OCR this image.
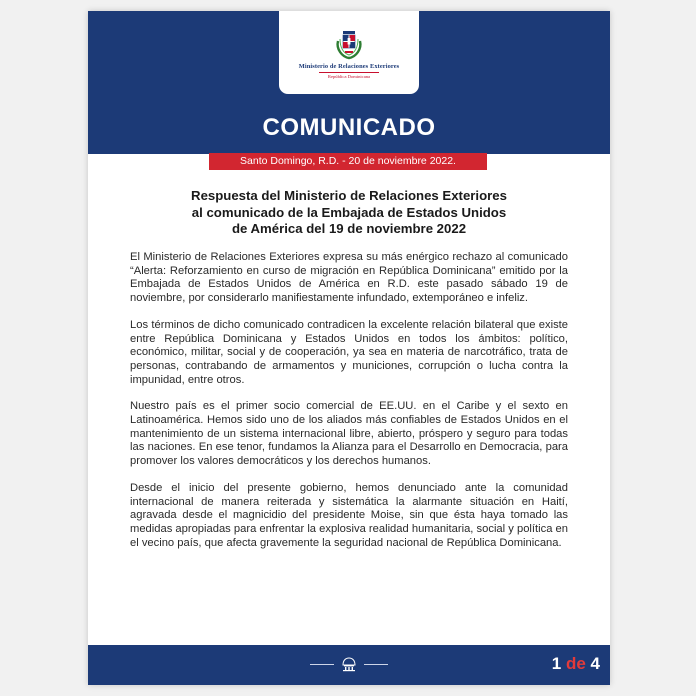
Ministerio de Relaciones Exteriores
República Dominicana
COMUNICADO
Santo Domingo, R.D. - 20 de noviembre 2022.
Respuesta del Ministerio de Relaciones Exteriores
al comunicado de la Embajada de Estados Unidos
de América del 19 de noviembre 2022

El Ministerio de Relaciones Exteriores expresa su más enérgico rechazo al comunicado “Alerta: Reforzamiento en curso de migración en República Dominicana” emitido por la Embajada de Estados Unidos de América en R.D. este pasado sábado 19 de noviembre, por considerarlo manifiestamente infundado, extemporáneo e infeliz.

Los términos de dicho comunicado contradicen la excelente relación bilateral que existe entre República Dominicana y Estados Unidos en todos los ámbitos: político, económico, militar, social y de cooperación, ya sea en materia de narcotráfico, trata de personas, contrabando de armamentos y municiones, corrupción o lucha contra la impunidad, entre otros.

Nuestro país es el primer socio comercial de EE.UU. en el Caribe y el sexto en Latinoamérica. Hemos sido uno de los aliados más confiables de Estados Unidos en el mantenimiento de un sistema internacional libre, abierto, próspero y seguro para todas las naciones. En ese tenor, fundamos la Alianza para el Desarrollo en Democracia, para promover los valores democráticos y los derechos humanos.

Desde el inicio del presente gobierno, hemos denunciado ante la comunidad internacional de manera reiterada y sistemática la alarmante situación en Haití, agravada desde el magnicidio del presidente Moise, sin que ésta haya tomado las medidas apropiadas para enfrentar la explosiva realidad humanitaria, social y política en el vecino país, que afecta gravemente la seguridad nacional de República Dominicana.

1 de 4
